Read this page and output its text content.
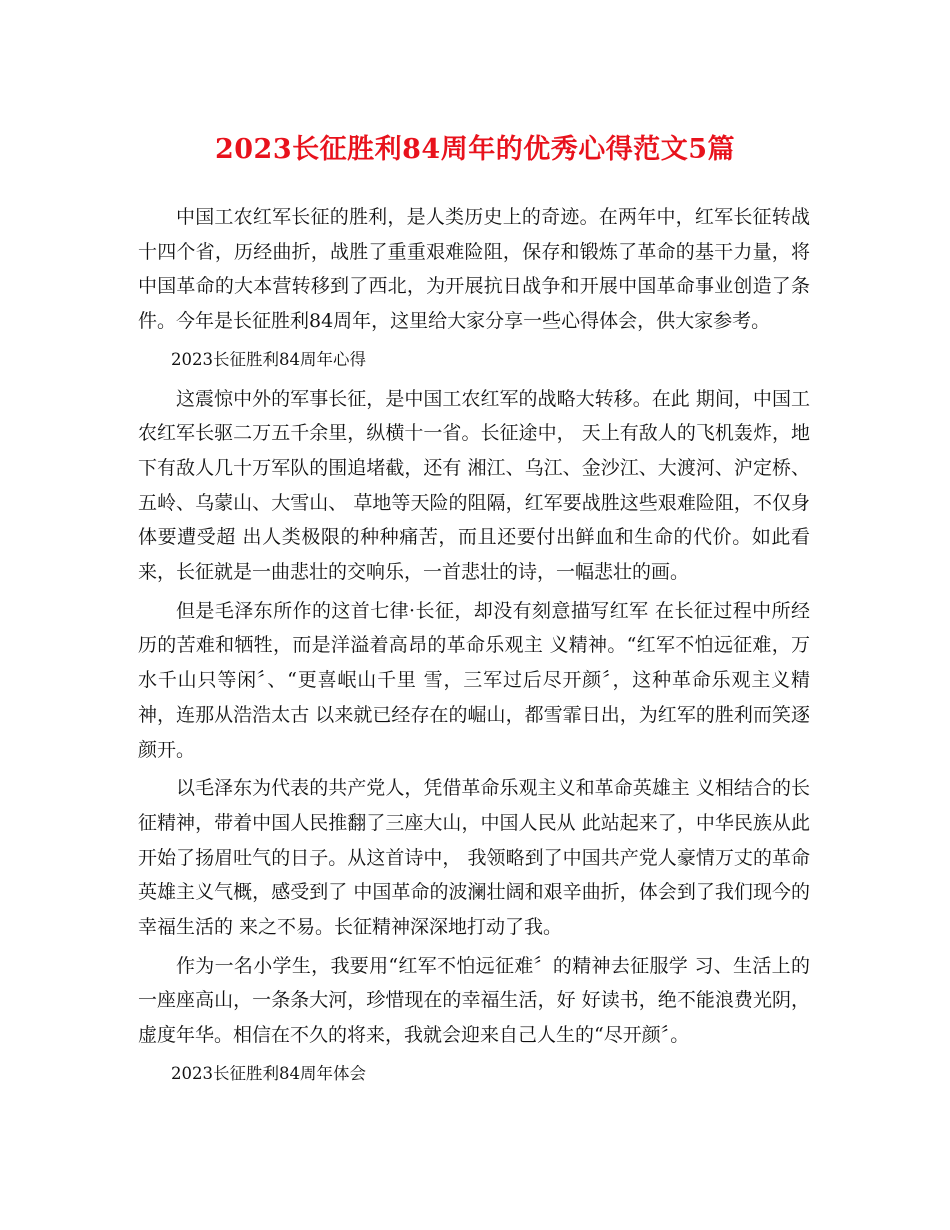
2023长征胜利84周年的优秀心得范文5篇

中国工农红军长征的胜利，是人类历史上的奇迹。在两年中，红军长征转战十四个省，历经曲折，战胜了重重艰难险阻，保存和锻炼了革命的基干力量，将中国革命的大本营转移到了西北，为开展抗日战争和开展中国革命事业创造了条件。今年是长征胜利84周年，这里给大家分享一些心得体会，供大家参考。

2023长征胜利84周年心得

这震惊中外的军事长征，是中国工农红军的战略大转移。在此 期间，中国工农红军长驱二万五千余里，纵横十一省。长征途中， 天上有敌人的飞机轰炸，地下有敌人几十万军队的围追堵截，还有 湘江、乌江、金沙江、大渡河、沪定桥、五岭、乌蒙山、大雪山、 草地等天险的阻隔，红军要战胜这些艰难险阻，不仅身体要遭受超 出人类极限的种种痛苦，而且还要付出鲜血和生命的代价。如此看来，长征就是一曲悲壮的交响乐，一首悲壮的诗，一幅悲壮的画。

但是毛泽东所作的这首七律·长征，却没有刻意描写红军 在长征过程中所经历的苦难和牺牲，而是洋溢着高昂的革命乐观主 义精神。“红军不怕远征难，万水千山只等闲〞、“更喜岷山千里 雪，三军过后尽开颜〞，这种革命乐观主义精神，连那从浩浩太古 以来就已经存在的崛山，都雪霏日出，为红军的胜利而笑逐颜开。

以毛泽东为代表的共产党人，凭借革命乐观主义和革命英雄主 义相结合的长征精神，带着中国人民推翻了三座大山，中国人民从 此站起来了，中华民族从此开始了扬眉吐气的日子。从这首诗中， 我领略到了中国共产党人豪情万丈的革命英雄主义气概，感受到了 中国革命的波澜壮阔和艰辛曲折，体会到了我们现今的幸福生活的 来之不易。长征精神深深地打动了我。

作为一名小学生，我要用“红军不怕远征难〞的精神去征服学 习、生活上的一座座高山，一条条大河，珍惜现在的幸福生活，好 好读书，绝不能浪费光阴，虚度年华。相信在不久的将来，我就会迎来自己人生的“尽开颜〞。

2023长征胜利84周年体会
